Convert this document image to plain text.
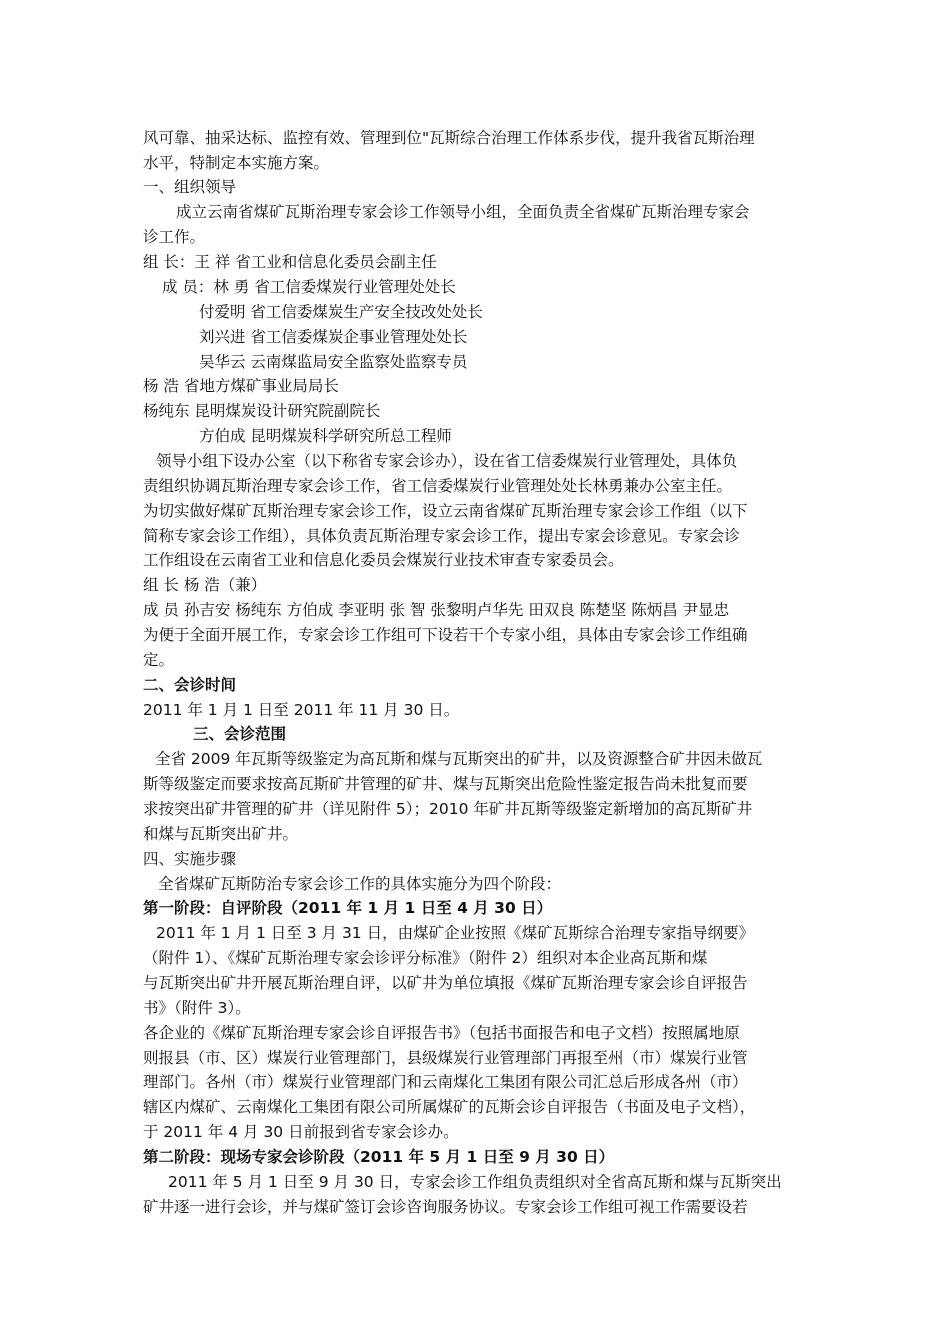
风可靠、抽采达标、监控有效、管理到位"瓦斯综合治理工作体系步伐，提升我省瓦斯治理
水平，特制定本实施方案。
一、组织领导
成立云南省煤矿瓦斯治理专家会诊工作领导小组，全面负责全省煤矿瓦斯治理专家会
诊工作。
组 长：王 祥 省工业和信息化委员会副主任
成 员：林 勇 省工信委煤炭行业管理处处长
付爱明 省工信委煤炭生产安全技改处处长
刘兴进 省工信委煤炭企事业管理处处长
吴华云 云南煤监局安全监察处监察专员
杨 浩 省地方煤矿事业局局长
杨纯东 昆明煤炭设计研究院副院长
方伯成 昆明煤炭科学研究所总工程师
领导小组下设办公室（以下称省专家会诊办），设在省工信委煤炭行业管理处，具体负
责组织协调瓦斯治理专家会诊工作，省工信委煤炭行业管理处处长林勇兼办公室主任。
为切实做好煤矿瓦斯治理专家会诊工作，设立云南省煤矿瓦斯治理专家会诊工作组（以下
简称专家会诊工作组），具体负责瓦斯治理专家会诊工作，提出专家会诊意见。专家会诊
工作组设在云南省工业和信息化委员会煤炭行业技术审查专家委员会。
组 长 杨 浩（兼）
成 员 孙吉安 杨纯东 方伯成 李亚明 张 智 张黎明卢华先 田双良 陈楚坚 陈炳昌 尹显忠
为便于全面开展工作，专家会诊工作组可下设若干个专家小组，具体由专家会诊工作组确
定。
二、会诊时间
2011 年 1 月 1 日至 2011 年 11 月 30 日。
三、会诊范围
全省 2009 年瓦斯等级鉴定为高瓦斯和煤与瓦斯突出的矿井，以及资源整合矿井因未做瓦
斯等级鉴定而要求按高瓦斯矿井管理的矿井、煤与瓦斯突出危险性鉴定报告尚未批复而要
求按突出矿井管理的矿井（详见附件 5）；2010 年矿井瓦斯等级鉴定新增加的高瓦斯矿井
和煤与瓦斯突出矿井。
四、实施步骤
全省煤矿瓦斯防治专家会诊工作的具体实施分为四个阶段：
第一阶段：自评阶段（2011 年 1 月 1 日至 4 月 30 日）
2011 年 1 月 1 日至 3 月 31 日，由煤矿企业按照《煤矿瓦斯综合治理专家指导纲要》
（附件 1）、《煤矿瓦斯治理专家会诊评分标准》（附件 2）组织对本企业高瓦斯和煤
与瓦斯突出矿井开展瓦斯治理自评，以矿井为单位填报《煤矿瓦斯治理专家会诊自评报告
书》（附件 3）。
各企业的《煤矿瓦斯治理专家会诊自评报告书》（包括书面报告和电子文档）按照属地原
则报县（市、区）煤炭行业管理部门，县级煤炭行业管理部门再报至州（市）煤炭行业管
理部门。各州（市）煤炭行业管理部门和云南煤化工集团有限公司汇总后形成各州（市）
辖区内煤矿、云南煤化工集团有限公司所属煤矿的瓦斯会诊自评报告（书面及电子文档），
于 2011 年 4 月 30 日前报到省专家会诊办。
第二阶段：现场专家会诊阶段（2011 年 5 月 1 日至 9 月 30 日）
2011 年 5 月 1 日至 9 月 30 日，专家会诊工作组负责组织对全省高瓦斯和煤与瓦斯突出
矿井逐一进行会诊，并与煤矿签订会诊咨询服务协议。专家会诊工作组可视工作需要设若
